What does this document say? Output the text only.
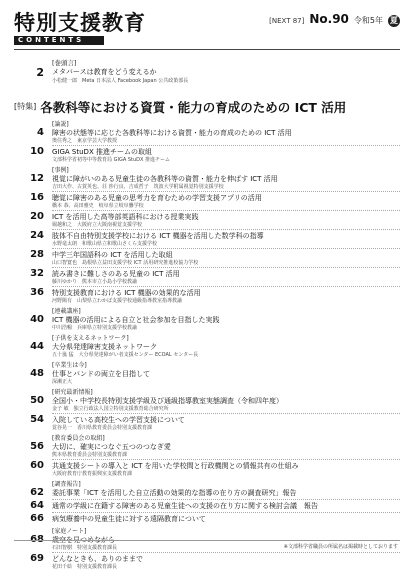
特別支援教育	[NEXT 87] No.90 令和5年 夏
CONTENTS
[巻頭言]
2 メタバースは教育をどう変えるか
小松健一郎　Meta 日本法人 Facebook Japan 公共政策部長
[特集] 各教科等における資質・能力の育成のための ICT 活用
[論説]
4 障害の状態等に応じた各教科等における資質・能力の育成のための ICT 活用
奥住秀之　東京学芸大学教授
10 GIGA StuDX 推進チームの取組
文部科学省初等中等教育局 GIGA StuDX 推進チーム
[事例]
12 視覚に障がいのある児童生徒の各教科等の資質・能力を伸ばす ICT 活用
吉田大作、古賀英也、荘 渉行良、吉成哲子　筑波大学附属視覚特別支援学校
16 聴覚に障害のある児童の思考力を育むための学習支援アプリの活用
橋本 恭、高田雅史　岐阜県立岐阜聾学校
20 ICT を活用した高等部英語科における授業実践
堀越和之　大阪府立大阪南視覚支援学校
24 肢体不自由特別支援学校における ICT 機器を活用した数学科の指導
水野竜太朗　和歌山県立和歌山さくら支援学校
28 中学三年国語科の ICT を活用した取組
山口智寛也　島根県立益田支援学校 ICT 活用研究推進校協力学校
32 読み書きに難しさのある児童の ICT 活用
藤川ゆかり　熊本市立小島小学校教諭
36 特別支援教育における ICT 機器の効果的な活用
河野陽有　山梨県立わかば支援学校通級指導教室指導教諭
[連載講座]
40 ICT 機器の活用による自立と社会参加を目指した実践
中川浩暢　兵庫県立特別支援学校教諭
[子供を支えるネットワーク]
44 大分県発達障害支援ネットワーク
五十嵐 猛　大分県発達障がい者支援センター ECOAL センター長
[卒業生は今]
48 仕事とバンドの両立を目指して
深瀬正大
[研究最新情報]
50 全国小・中学校長特別支援学級及び通級指導教室実態調査（令和四年度）
金子 敏　独立行政法人国立特別支援教育総合研究所
54 入院している高校生への学習支援について
覚谷晃一　香川県教育委員会特別支援教育課
[教育委員会の取組]
56 大切に、確実につなぐ五つのつなぎ愛
熊本県教育委員会特別支援教育課
60 共通支援シートの導入と ICT を用いた学校間と行政機関との情報共有の仕組み
大阪府教育庁教育振興室支援教育課
[調査報告]
62 委託事業「ICT を活用した自立活動の効果的な指導の在り方の調査研究」報告
64 通常の学級に在籍する障害のある児童生徒への支援の在り方に関する検討会議　報告
66 病気療養中の児童生徒に対する遠隔教育について
[家庭ノート]
68 歳空を見つめながら
石田智樹　特別支援教育課長
69 どんなときも、ありのままで
花田千絵　特別支援教育課長
※文部科学省職員の所属名は掲載時としております
